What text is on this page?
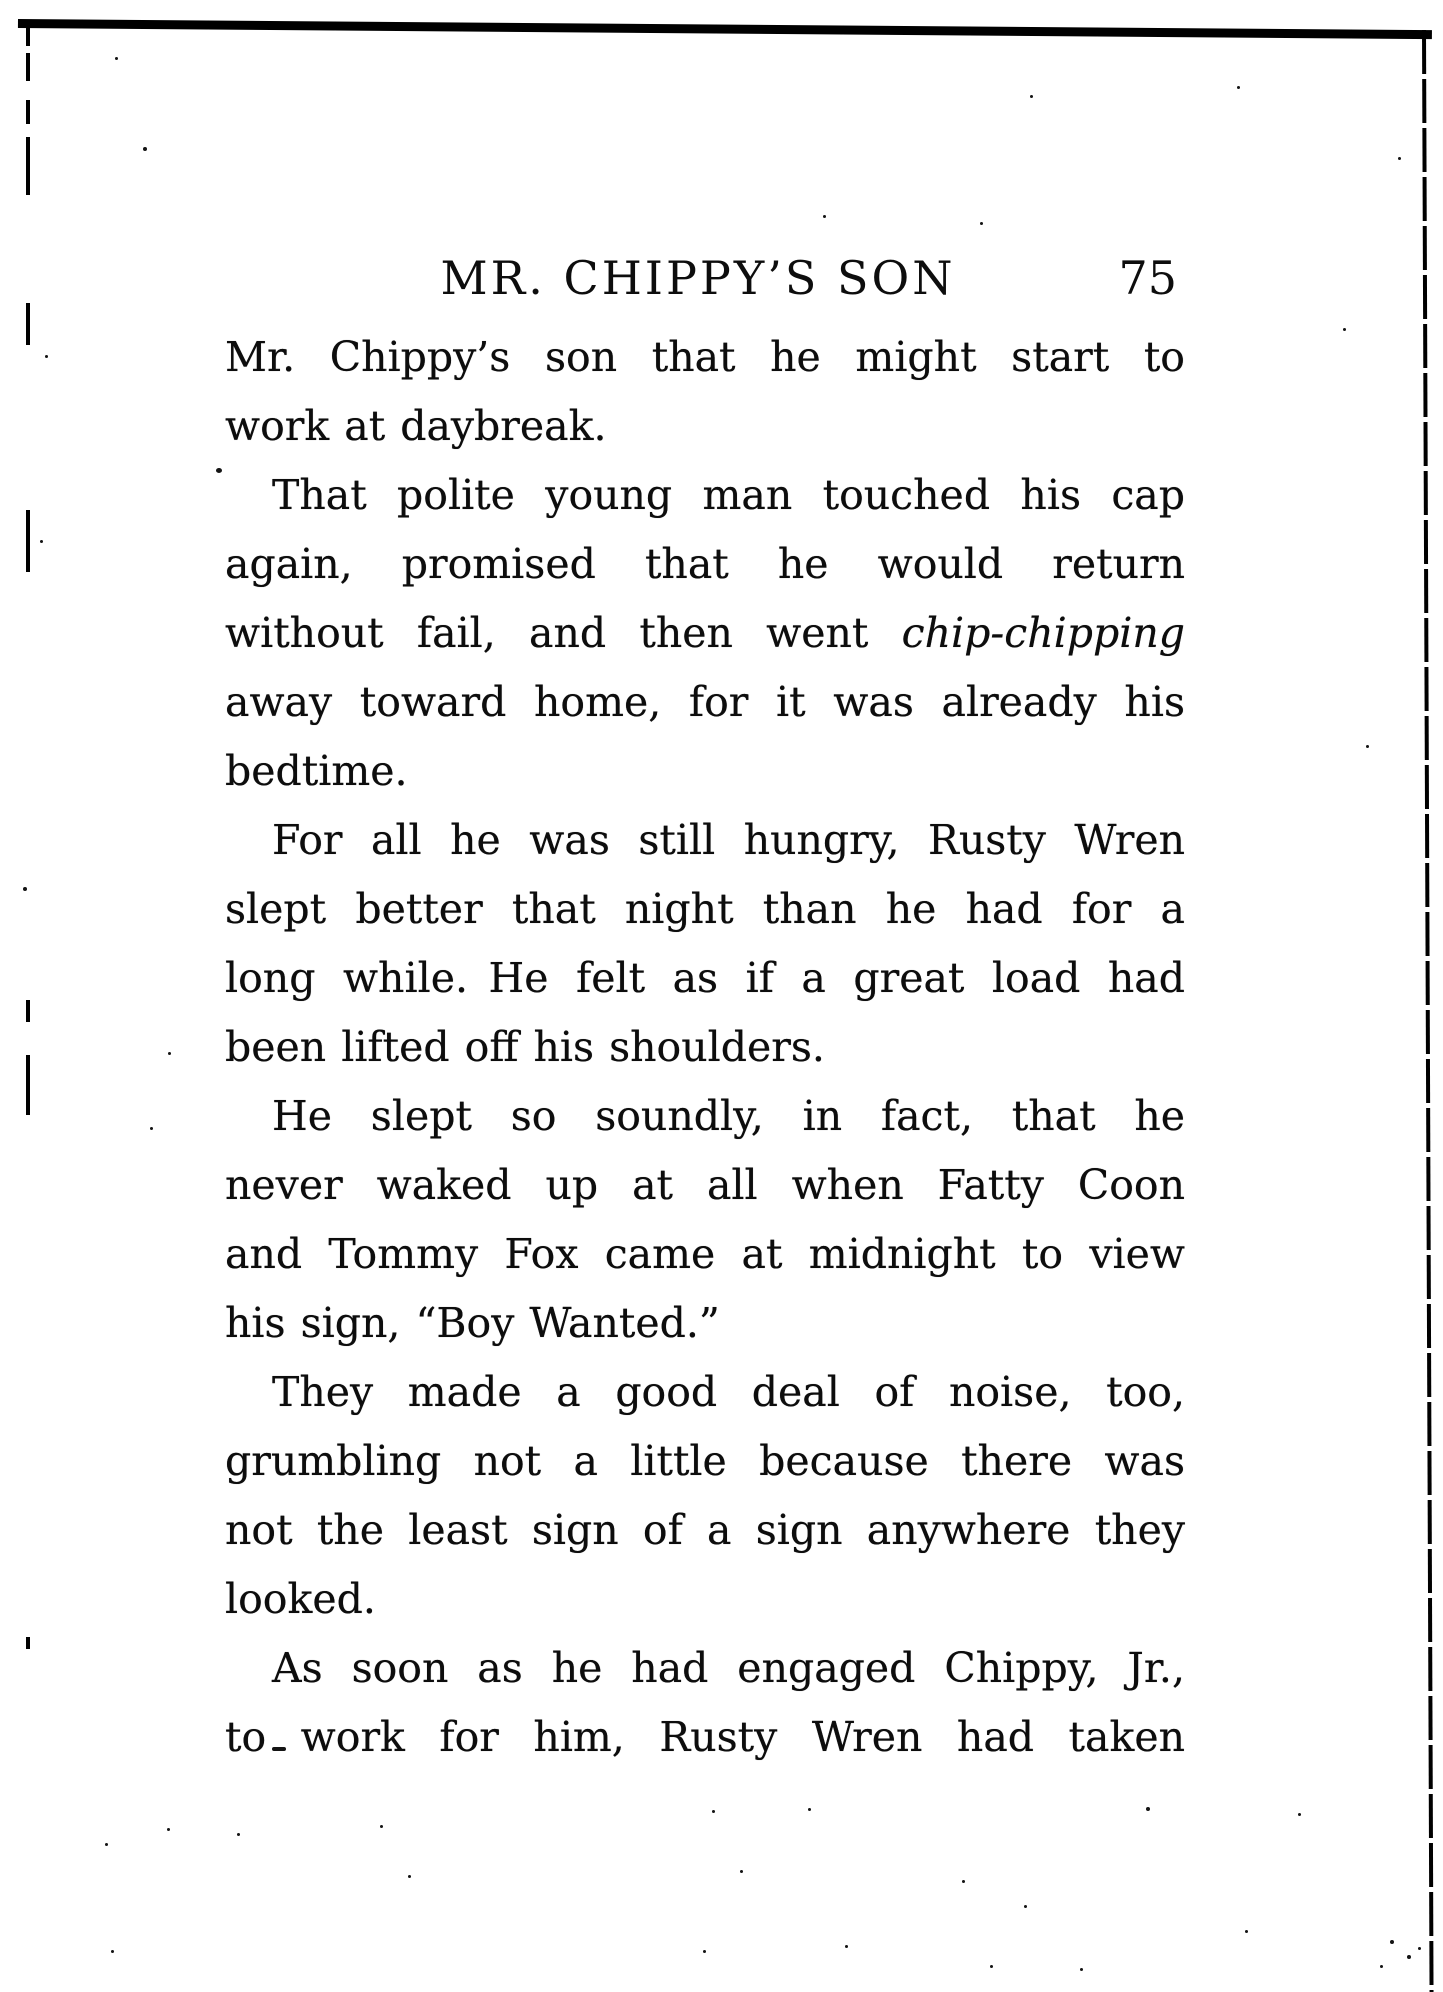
MR. CHIPPY’S SON	75
Mr. Chippy’s son that he might start to
work at daybreak.
That polite young man touched his cap
again, promised that he would return
without fail, and then went chip-chipping
away toward home, for it was already his
bedtime.
For all he was still hungry, Rusty Wren
slept better that night than he had for a
long while. He felt as if a great load had
been lifted off his shoulders.
He slept so soundly, in fact, that he
never waked up at all when Fatty Coon
and Tommy Fox came at midnight to view
his sign, “Boy Wanted.”
They made a good deal of noise, too,
grumbling not a little because there was
not the least sign of a sign anywhere they
looked.
As soon as he had engaged Chippy, Jr.,
to work for him, Rusty Wren had taken
